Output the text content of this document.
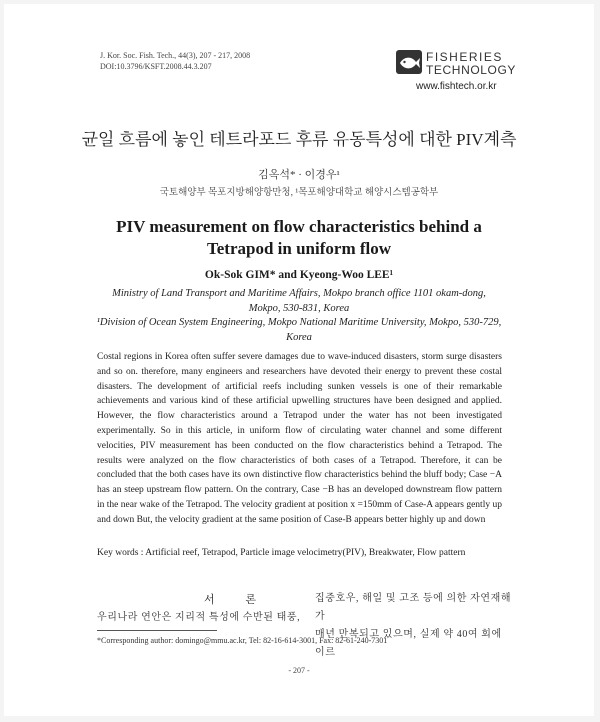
J. Kor. Soc. Fish. Tech., 44(3), 207 - 217, 2008
DOI:10.3796/KSFT.2008.44.3.207
FISHERIES
TECHNOLOGY
www.fishtech.or.kr
균일 흐름에 놓인 테트라포드 후류 유동특성에 대한 PIV계측
김옥석* · 이경우¹
국토해양부 목포지방해양항만청, ¹목포해양대학교 해양시스템공학부
PIV measurement on flow characteristics behind a
Tetrapod in uniform flow
Ok-Sok GIM* and Kyeong-Woo LEE¹
Ministry of Land Transport and Maritime Affairs, Mokpo branch office 1101 okam-dong,
Mokpo, 530-831, Korea
¹Division of Ocean System Engineering, Mokpo National Maritime University, Mokpo, 530-729, Korea
Costal regions in Korea often suffer severe damages due to wave-induced disasters, storm surge disasters and so on. therefore, many engineers and researchers have devoted their energy to prevent these costal disasters. The development of artificial reefs including sunken vessels is one of their remarkable achievements and various kind of these artificial upwelling structures have been designed and applied. However, the flow characteristics around a Tetrapod under the water has not been investigated experimentally. So in this article, in uniform flow of circulating water channel and some different velocities, PIV measurement has been conducted on the flow characteristics behind a Tetrapod. The results were analyzed on the flow characteristics of both cases of a Tetrapod. Therefore, it can be concluded that the both cases have its own distinctive flow characteristics behind the bluff body; Case −A has an steep upstream flow pattern. On the contrary, Case −B has an developed downstream flow pattern in the near wake of the Tetrapod. The velocity gradient at position x =150mm of Case-A appears gently up and down But, the velocity gradient at the same position of Case-B appears better highly up and down
Key words : Artificial reef, Tetrapod, Particle image velocimetry(PIV), Breakwater, Flow pattern
서 론
우리나라 연안은 지리적 특성에 수반된 태풍,
집중호우, 해일 및 고조 등에 의한 자연재해가
매년 만복되고 있으며, 실제 약 40여 회에 이르
*Corresponding author: domingo@mmu.ac.kr, Tel: 82-16-614-3001, Fax: 82-61-240-7301
- 207 -
